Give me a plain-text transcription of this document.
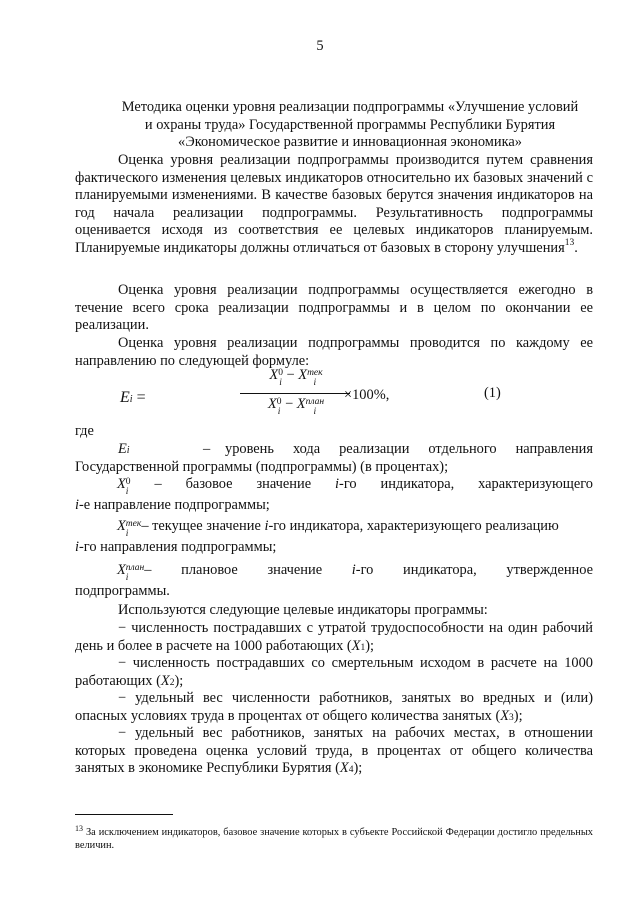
5
Методика оценки уровня реализации подпрограммы «Улучшение условий
и охраны труда» Государственной программы Республики Бурятия
«Экономическое развитие и инновационная экономика»
Оценка уровня реализации подпрограммы производится путем сравнения фактического изменения целевых индикаторов относительно их базовых значений с планируемыми изменениями. В качестве базовых берутся значения индикаторов на год начала реализации подпрограммы. Результативность подпрограммы оценивается исходя из соответствия ее целевых индикаторов планируемым. Планируемые индикаторы должны отличаться от базовых в сторону улучшения$^{13}$.
Оценка уровня реализации подпрограммы осуществляется ежегодно в течение всего срока реализации подпрограммы и в целом по окончании ее реализации.
Оценка уровня реализации подпрограммы проводится по каждому ее направлению по следующей формуле:
Ei =
X 0
i − X тек
i
X 0
i − X план
i
×100%,	(1)
где
Ei	–	уровень хода реализации отдельного направления Государственной программы (подпрограммы) (в процентах);
X 0
i – базовое значение i-го индикатора, характеризующего
i-е направление подпрограммы;
X тек
i – текущее значение i-го индикатора, характеризующего реализацию
i-го направления подпрограммы;
X план
i	– плановое значение i-го индикатора, утвержденное
подпрограммы.
Используются следующие целевые индикаторы программы:
− численность пострадавших с утратой трудоспособности на один рабочий день и более в расчете на 1000 работающих (X1);
− численность пострадавших со смертельным исходом в расчете на 1000 работающих (X2);
− удельный вес численности работников, занятых во вредных и (или) опасных условиях труда в процентах от общего количества занятых (X3);
− удельный вес работников, занятых на рабочих местах, в отношении которых проведена оценка условий труда, в процентах от общего количества занятых в экономике Республики Бурятия (X4);
$^{13}$ За исключением индикаторов, базовое значение которых в субъекте Российской Федерации достигло предельных величин.
